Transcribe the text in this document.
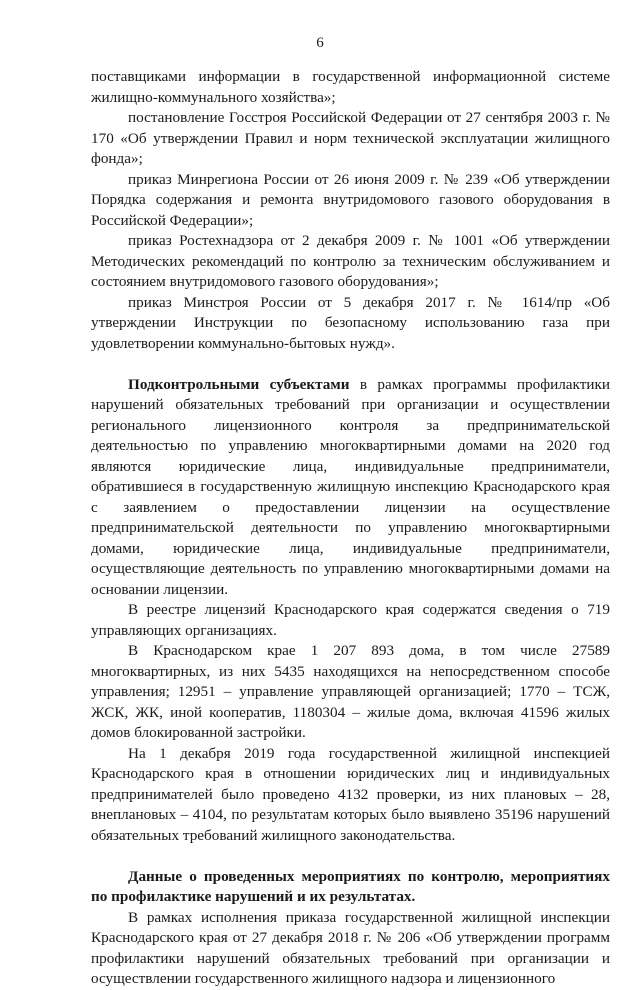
6

поставщиками информации в государственной информационной системе жилищно-коммунального хозяйства»;

постановление Госстроя Российской Федерации от 27 сентября 2003 г. № 170 «Об утверждении Правил и норм технической эксплуатации жилищного фонда»;

приказ Минрегиона России от 26 июня 2009 г. № 239 «Об утверждении Порядка содержания и ремонта внутридомового газового оборудования в Российской Федерации»;

приказ Ростехнадзора от 2 декабря 2009 г. № 1001 «Об утверждении Методических рекомендаций по контролю за техническим обслуживанием и состоянием внутридомового газового оборудования»;

приказ Минстроя России от 5 декабря 2017 г. № 1614/пр «Об утверждении Инструкции по безопасному использованию газа при удовлетворении коммунально-бытовых нужд».

Подконтрольными субъектами в рамках программы профилактики нарушений обязательных требований при организации и осуществлении регионального лицензионного контроля за предпринимательской деятельностью по управлению многоквартирными домами на 2020 год являются юридические лица, индивидуальные предприниматели, обратившиеся в государственную жилищную инспекцию Краснодарского края с заявлением о предоставлении лицензии на осуществление предпринимательской деятельности по управлению многоквартирными домами, юридические лица, индивидуальные предприниматели, осуществляющие деятельность по управлению многоквартирными домами на основании лицензии.

В реестре лицензий Краснодарского края содержатся сведения о 719 управляющих организациях.

В Краснодарском крае 1 207 893 дома, в том числе 27589 многоквартирных, из них 5435 находящихся на непосредственном способе управления; 12951 – управление управляющей организацией; 1770 – ТСЖ, ЖСК, ЖК, иной кооператив, 1180304 – жилые дома, включая 41596 жилых домов блокированной застройки.

На 1 декабря 2019 года государственной жилищной инспекцией Краснодарского края в отношении юридических лиц и индивидуальных предпринимателей было проведено 4132 проверки, из них плановых – 28, внеплановых – 4104, по результатам которых было выявлено 35196 нарушений обязательных требований жилищного законодательства.

Данные о проведенных мероприятиях по контролю, мероприятиях по профилактике нарушений и их результатах.

В рамках исполнения приказа государственной жилищной инспекции Краснодарского края от 27 декабря 2018 г. № 206 «Об утверждении программ профилактики нарушений обязательных требований при организации и осуществлении государственного жилищного надзора и лицензионного
